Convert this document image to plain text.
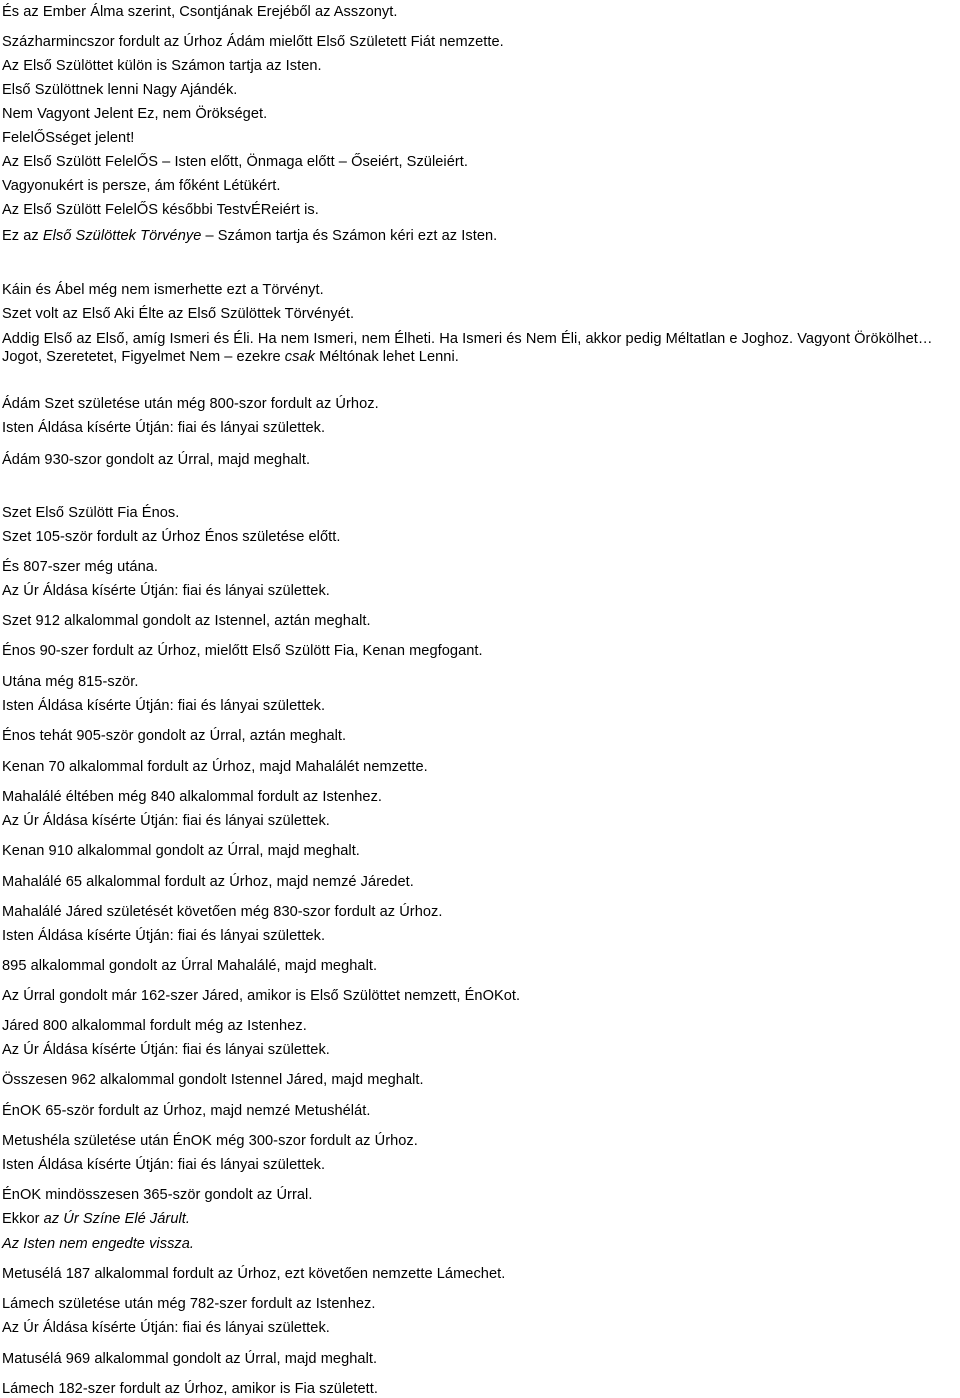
És az Ember Álma szerint, Csontjának Erejéből az Asszonyt.
Százharmincszor fordult az Úrhoz Ádám mielőtt Első Született Fiát nemzette.
Az Első Szülöttet külön is Számon tartja az Isten.
Első Szülöttnek lenni Nagy Ajándék.
Nem Vagyont Jelent Ez, nem Örökséget.
FelelŐSséget jelent!
Az Első Szülött FelelŐS – Isten előtt, Önmaga előtt – Őseiért, Szüleiért.
Vagyonukért is persze, ám főként Létükért.
Az Első Szülött FelelŐS későbbi TestvÉReiért is.
Ez az Első Szülöttek Törvénye – Számon tartja és Számon kéri ezt az Isten.
Káin és Ábel még nem ismerhette ezt a Törvényt.
Szet volt az Első Aki Élte az Első Szülöttek Törvényét.
Addig Első az Első, amíg Ismeri és Éli. Ha nem Ismeri, nem Élheti. Ha Ismeri és Nem Éli, akkor pedig Méltatlan e Joghoz. Vagyont Örökölhet… Jogot, Szeretetet, Figyelmet Nem – ezekre csak Méltónak lehet Lenni.
Ádám Szet születése után még 800-szor fordult az Úrhoz.
Isten Áldása kísérte Útján: fiai és lányai születtek.
Ádám 930-szor gondolt az Úrral, majd meghalt.
Szet Első Szülött Fia Énos.
Szet 105-ször fordult az Úrhoz Énos születése előtt.
És 807-szer még utána.
Az Úr Áldása kísérte Útján: fiai és lányai születtek.
Szet 912 alkalommal gondolt az Istennel, aztán meghalt.
Énos 90-szer fordult az Úrhoz, mielőtt Első Szülött Fia, Kenan megfogant.
Utána még 815-ször.
Isten Áldása kísérte Útján: fiai és lányai születtek.
Énos tehát 905-ször gondolt az Úrral, aztán meghalt.
Kenan 70 alkalommal fordult az Úrhoz, majd Mahalálét nemzette.
Mahalálé éltében még 840 alkalommal fordult az Istenhez.
Az Úr Áldása kísérte Útján: fiai és lányai születtek.
Kenan 910 alkalommal gondolt az Úrral, majd meghalt.
Mahalálé 65 alkalommal fordult az Úrhoz, majd nemzé Járedet.
Mahalálé Járed születését követően még 830-szor fordult az Úrhoz.
Isten Áldása kísérte Útján: fiai és lányai születtek.
895 alkalommal gondolt az Úrral Mahalálé, majd meghalt.
Az Úrral gondolt már 162-szer Járed, amikor is Első Szülöttet nemzett, ÉnOKot.
Járed 800 alkalommal fordult még az Istenhez.
Az Úr Áldása kísérte Útján: fiai és lányai születtek.
Összesen 962 alkalommal gondolt Istennel Járed, majd meghalt.
ÉnOK 65-ször fordult az Úrhoz, majd nemzé Metushélát.
Metushéla születése után ÉnOK még 300-szor fordult az Úrhoz.
Isten Áldása kísérte Útján: fiai és lányai születtek.
ÉnOK mindösszesen 365-ször gondolt az Úrral.
Ekkor az Úr Színe Elé Járult.
Az Isten nem engedte vissza.
Metusélá 187 alkalommal fordult az Úrhoz, ezt követően nemzette Lámechet.
Lámech születése után még 782-szer fordult az Istenhez.
Az Úr Áldása kísérte Útján: fiai és lányai születtek.
Matusélá 969 alkalommal gondolt az Úrral, majd meghalt.
Lámech 182-szer fordult az Úrhoz, amikor is Fia született.
